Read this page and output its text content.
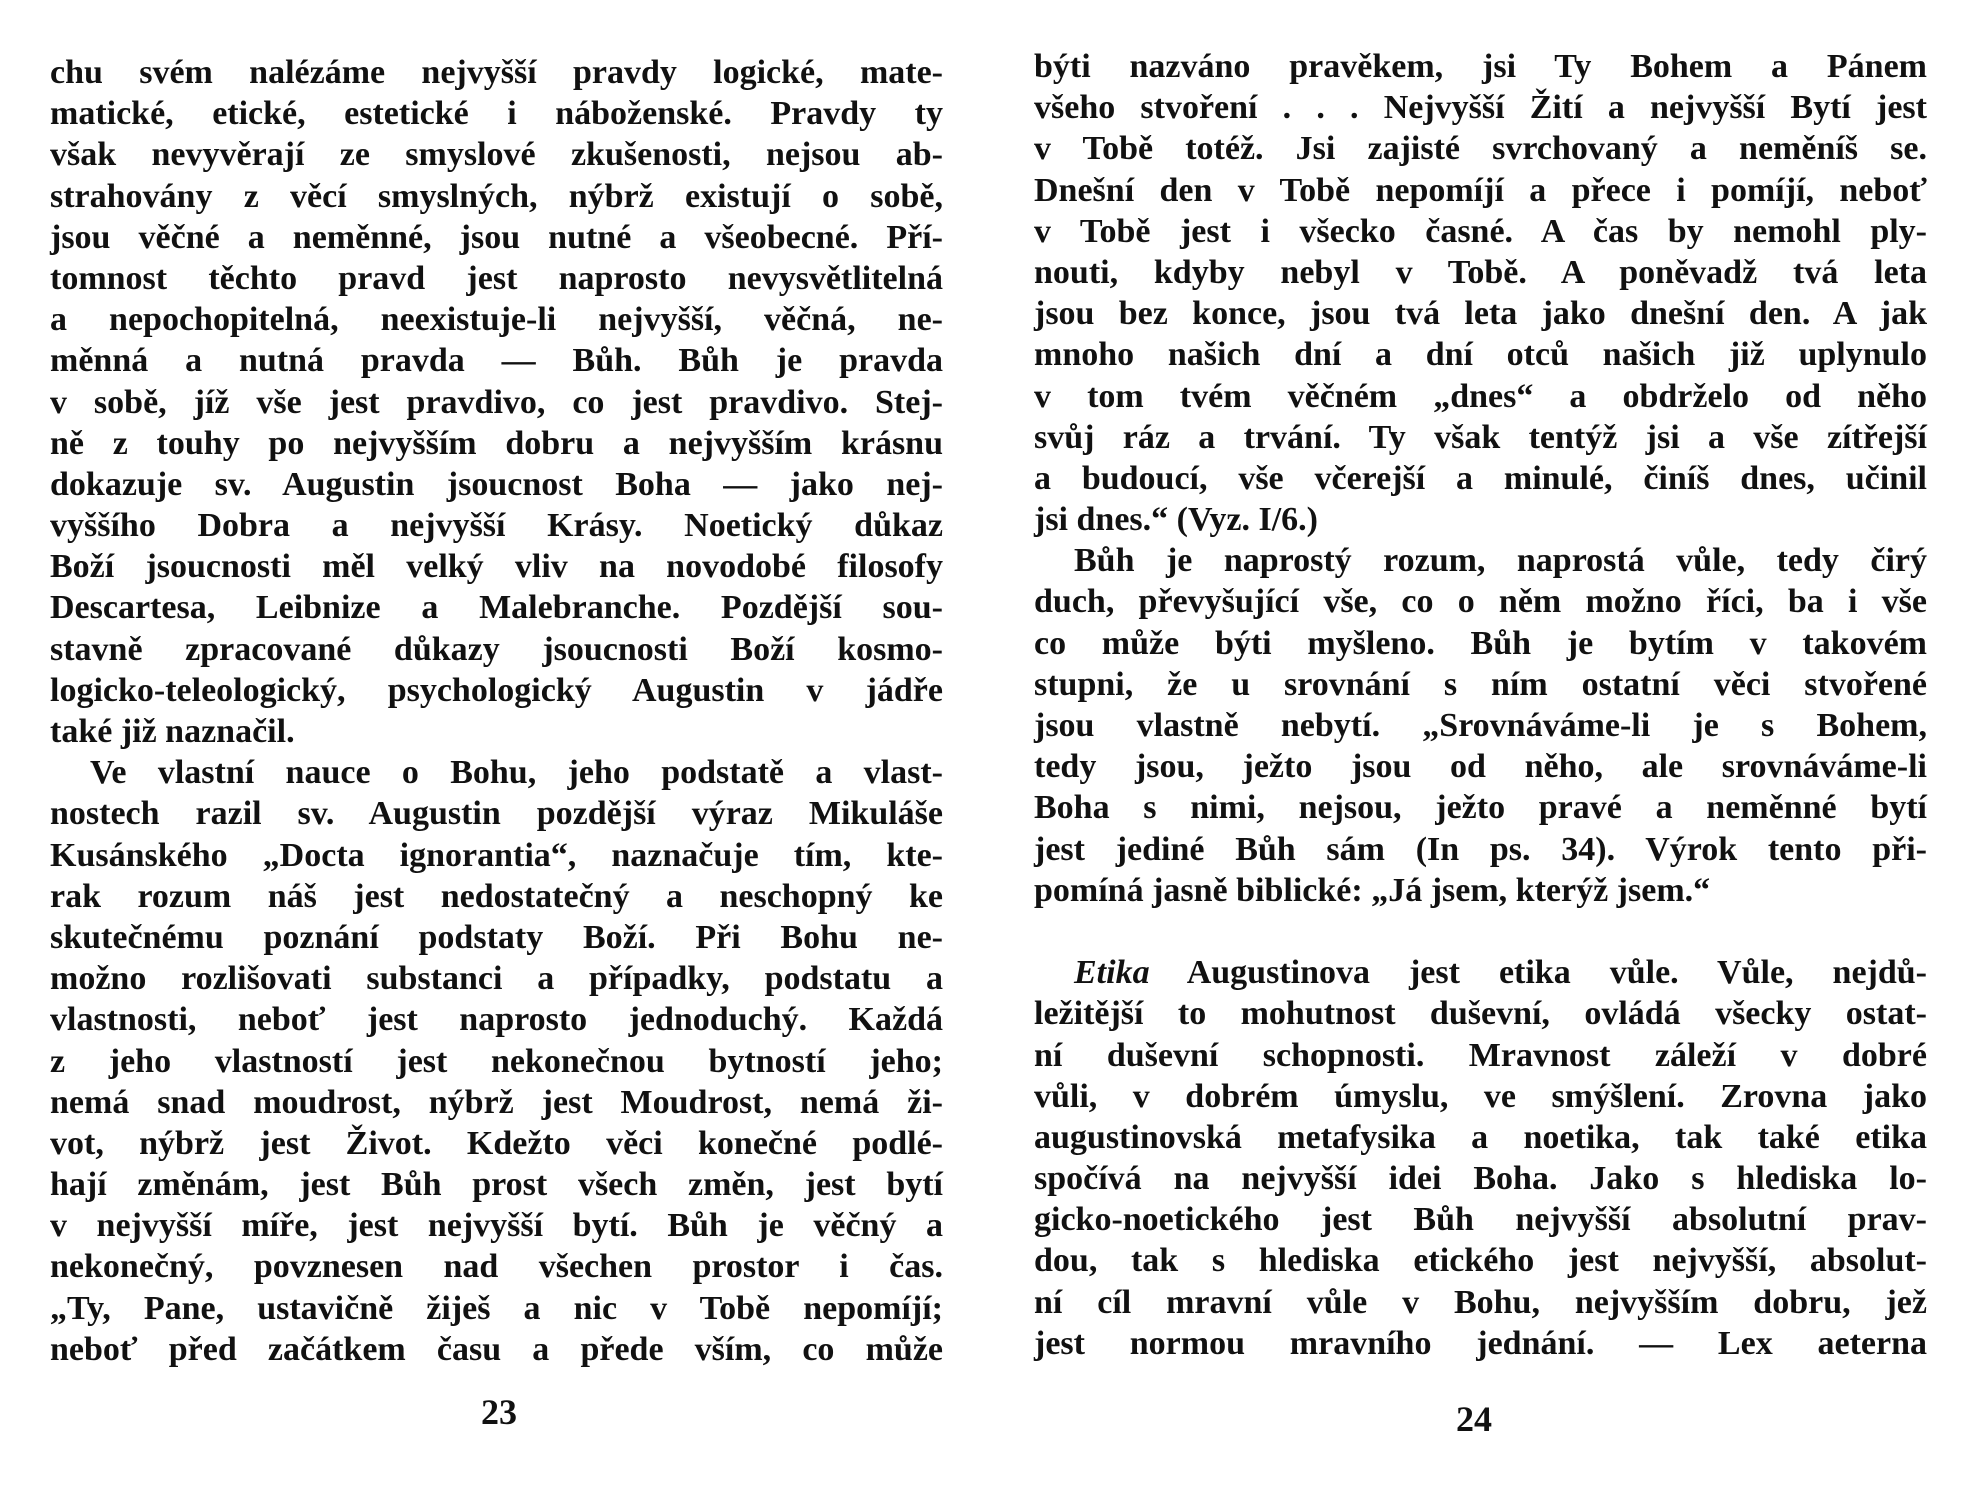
chu svém nalézáme nejvyšší pravdy logické, mate-
matické, etické, estetické i náboženské. Pravdy ty
však nevyvěrají ze smyslové zkušenosti, nejsou ab-
strahovány z věcí smyslných, nýbrž existují o sobě,
jsou věčné a neměnné, jsou nutné a všeobecné. Pří-
tomnost těchto pravd jest naprosto nevysvětlitelná
a nepochopitelná, neexistuje-li nejvyšší, věčná, ne-
měnná a nutná pravda — Bůh. Bůh je pravda
v sobě, jíž vše jest pravdivo, co jest pravdivo. Stej-
ně z touhy po nejvyšším dobru a nejvyšším krásnu
dokazuje sv. Augustin jsoucnost Boha — jako nej-
vyššího Dobra a nejvyšší Krásy. Noetický důkaz
Boží jsoucnosti měl velký vliv na novodobé filosofy
Descartesa, Leibnize a Malebranche. Pozdější sou-
stavně zpracované důkazy jsoucnosti Boží kosmo-
logicko-teleologický, psychologický Augustin v jádře
také již naznačil.
Ve vlastní nauce o Bohu, jeho podstatě a vlast-
nostech razil sv. Augustin pozdější výraz Mikuláše
Kusánského „Docta ignorantia“, naznačuje tím, kte-
rak rozum náš jest nedostatečný a neschopný ke
skutečnému poznání podstaty Boží. Při Bohu ne-
možno rozlišovati substanci a případky, podstatu a
vlastnosti, neboť jest naprosto jednoduchý. Každá
z jeho vlastností jest nekonečnou bytností jeho;
nemá snad moudrost, nýbrž jest Moudrost, nemá ži-
vot, nýbrž jest Život. Kdežto věci konečné podlé-
hají změnám, jest Bůh prost všech změn, jest bytí
v nejvyšší míře, jest nejvyšší bytí. Bůh je věčný a
nekonečný, povznesen nad všechen prostor i čas.
„Ty, Pane, ustavičně žiješ a nic v Tobě nepomíjí;
neboť před začátkem času a přede vším, co může
23
býti nazváno pravěkem, jsi Ty Bohem a Pánem
všeho stvoření . . . Nejvyšší Žití a nejvyšší Bytí jest
v Tobě totéž. Jsi zajisté svrchovaný a neměníš se.
Dnešní den v Tobě nepomíjí a přece i pomíjí, neboť
v Tobě jest i všecko časné. A čas by nemohl ply-
nouti, kdyby nebyl v Tobě. A poněvadž tvá leta
jsou bez konce, jsou tvá leta jako dnešní den. A jak
mnoho našich dní a dní otců našich již uplynulo
v tom tvém věčném „dnes“ a obdrželo od něho
svůj ráz a trvání. Ty však tentýž jsi a vše zítřejší
a budoucí, vše včerejší a minulé, činíš dnes, učinil
jsi dnes.“ (Vyz. I/6.)
Bůh je naprostý rozum, naprostá vůle, tedy čirý
duch, převyšující vše, co o něm možno říci, ba i vše
co může býti myšleno. Bůh je bytím v takovém
stupni, že u srovnání s ním ostatní věci stvořené
jsou vlastně nebytí. „Srovnáváme-li je s Bohem,
tedy jsou, ježto jsou od něho, ale srovnáváme-li
Boha s nimi, nejsou, ježto pravé a neměnné bytí
jest jediné Bůh sám (In ps. 34). Výrok tento při-
pomíná jasně biblické: „Já jsem, kterýž jsem.“
Etika Augustinova jest etika vůle. Vůle, nejdů-
ležitější to mohutnost duševní, ovládá všecky ostat-
ní duševní schopnosti. Mravnost záleží v dobré
vůli, v dobrém úmyslu, ve smýšlení. Zrovna jako
augustinovská metafysika a noetika, tak také etika
spočívá na nejvyšší idei Boha. Jako s hlediska lo-
gicko-noetického jest Bůh nejvyšší absolutní prav-
dou, tak s hlediska etického jest nejvyšší, absolut-
ní cíl mravní vůle v Bohu, nejvyšším dobru, jež
jest normou mravního jednání. — Lex aeterna
24
